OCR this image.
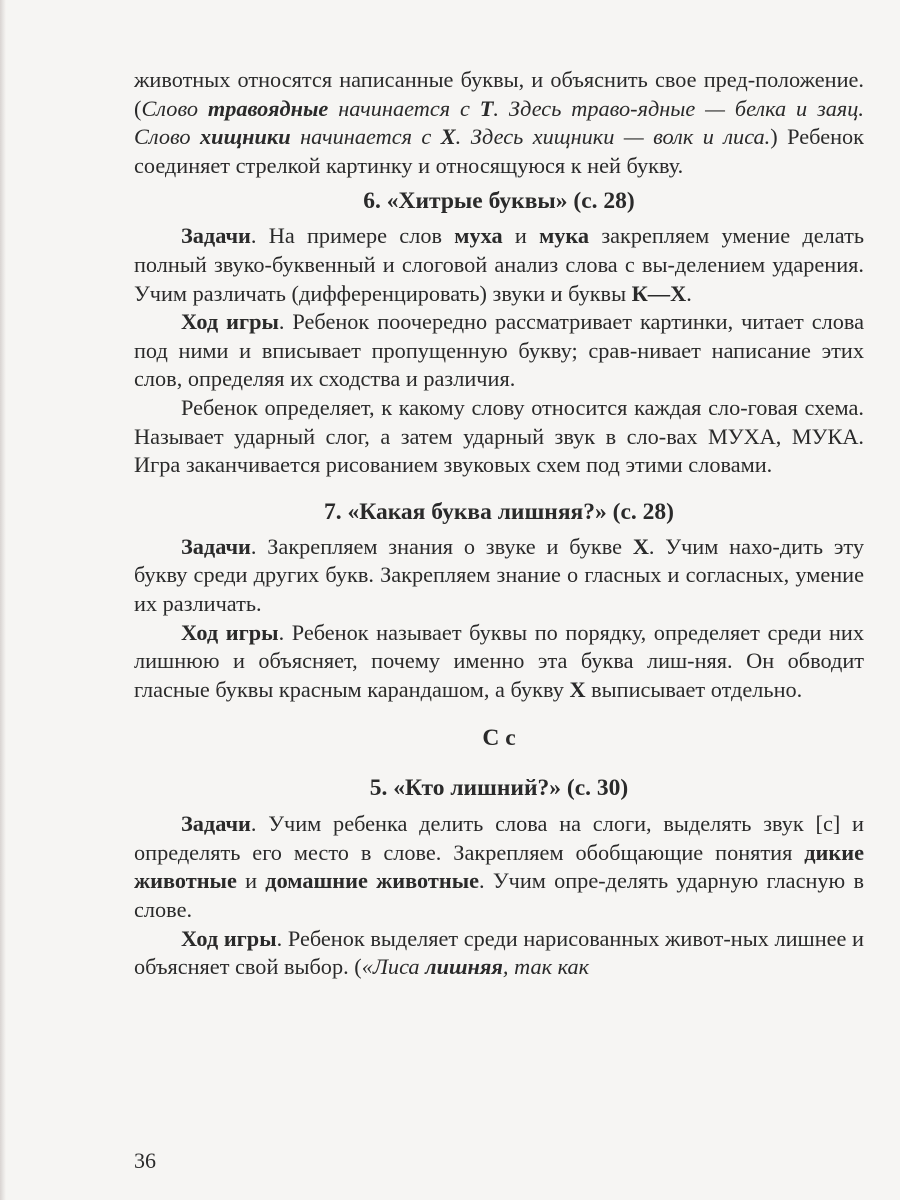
животных относятся написанные буквы, и объяснить свое пред-положение. (Слово травоядные начинается с Т. Здесь траво-ядные — белка и заяц. Слово хищники начинается с Х. Здесь хищники — волк и лиса.) Ребенок соединяет стрелкой картинку и относящуюся к ней букву.

6. «Хитрые буквы» (с. 28)

Задачи. На примере слов муха и мука закрепляем умение делать полный звуко-буквенный и слоговой анализ слова с вы-делением ударения. Учим различать (дифференцировать) звуки и буквы К—Х.

Ход игры. Ребенок поочередно рассматривает картинки, читает слова под ними и вписывает пропущенную букву; срав-нивает написание этих слов, определяя их сходства и различия.

Ребенок определяет, к какому слову относится каждая сло-говая схема. Называет ударный слог, а затем ударный звук в сло-вах МУХА, МУКА. Игра заканчивается рисованием звуковых схем под этими словами.

7. «Какая буква лишняя?» (с. 28)

Задачи. Закрепляем знания о звуке и букве Х. Учим нахо-дить эту букву среди других букв. Закрепляем знание о гласных и согласных, умение их различать.

Ход игры. Ребенок называет буквы по порядку, определяет среди них лишнюю и объясняет, почему именно эта буква лиш-няя. Он обводит гласные буквы красным карандашом, а букву Х выписывает отдельно.

С с
5. «Кто лишний?» (с. 30)

Задачи. Учим ребенка делить слова на слоги, выделять звук [с] и определять его место в слове. Закрепляем обобщающие понятия дикие животные и домашние животные. Учим опре-делять ударную гласную в слове.

Ход игры. Ребенок выделяет среди нарисованных живот-ных лишнее и объясняет свой выбор. («Лиса лишняя, так как

36
